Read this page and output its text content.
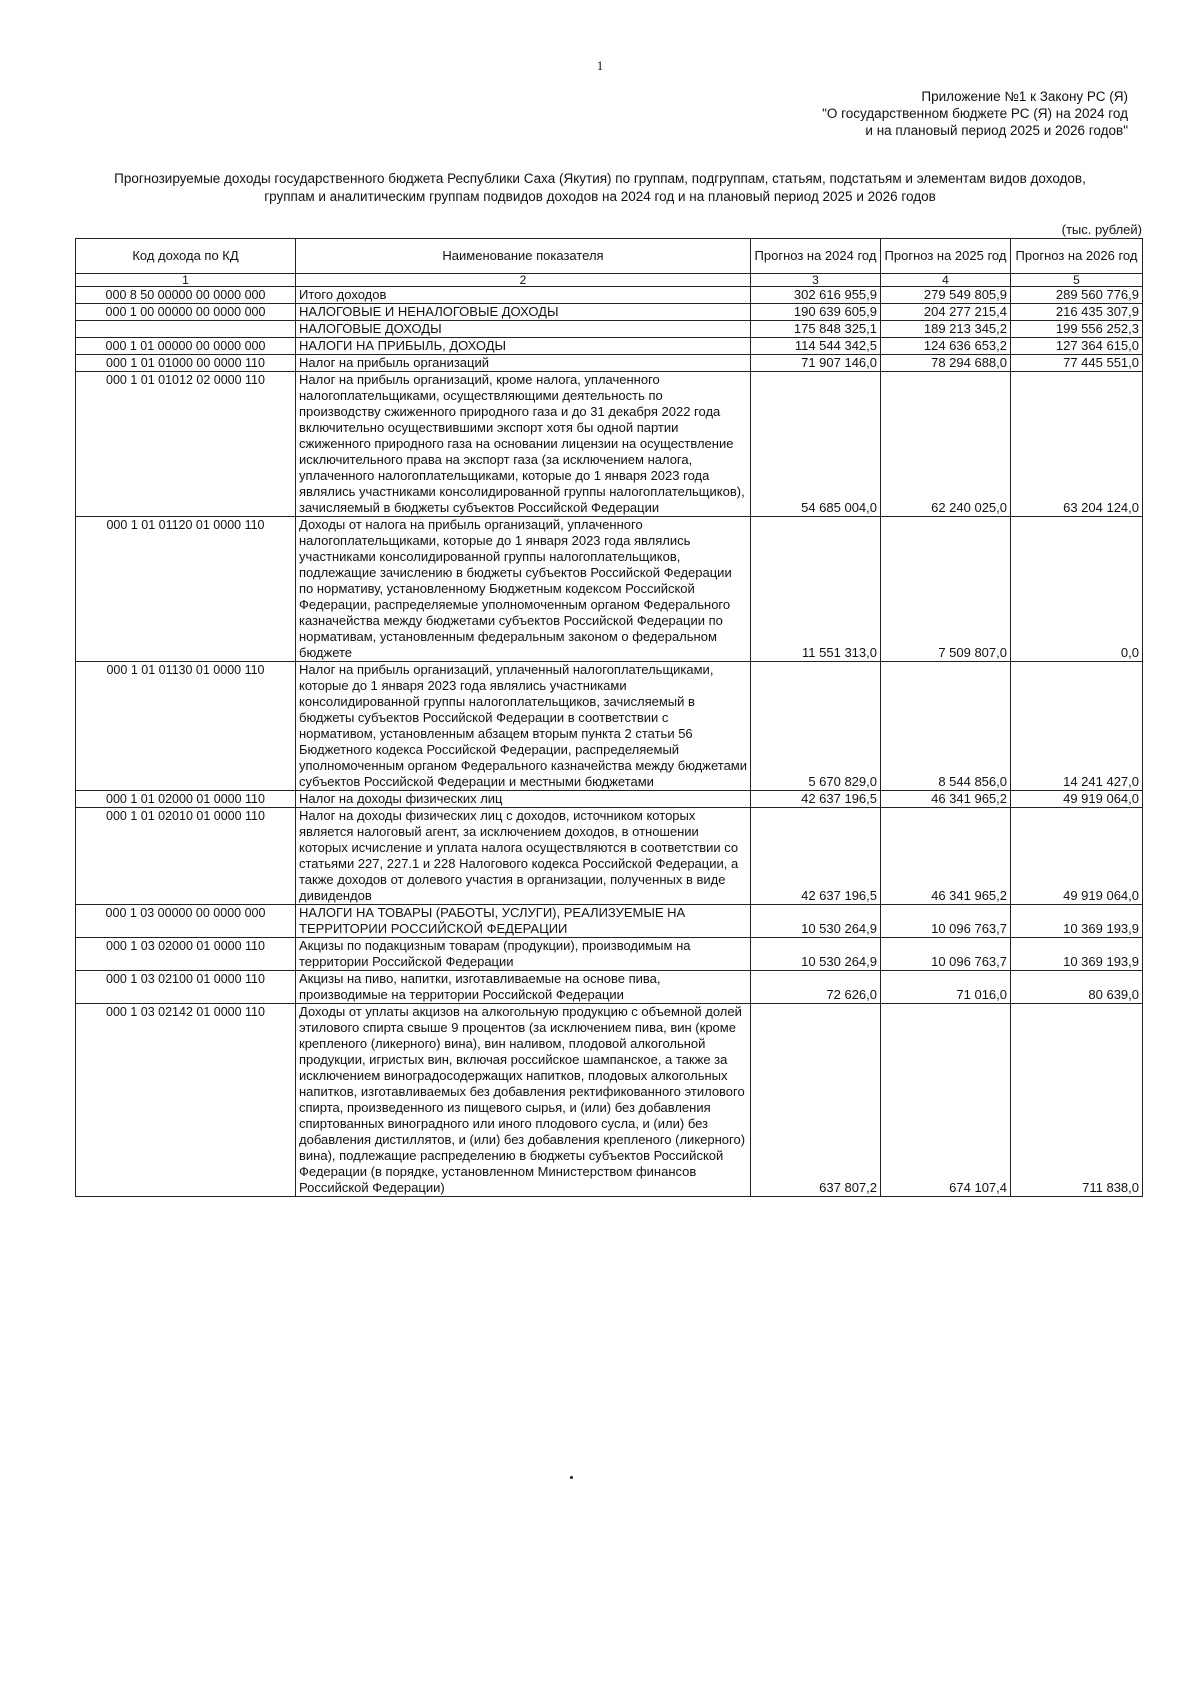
1
Приложение №1 к Закону РС (Я)
"О государственном бюджете РС (Я) на 2024 год
и на плановый период 2025 и 2026 годов"
Прогнозируемые доходы государственного бюджета Республики Саха (Якутия) по группам, подгруппам, статьям, подстатьям и элементам видов доходов,
группам и аналитическим группам подвидов доходов на 2024 год и на плановый период 2025 и 2026 годов
(тыс. рублей)
Код дохода по КД	Наименование показателя	Прогноз на 2024 год	Прогноз на 2025 год	Прогноз на 2026 год
1	2	3	4	5
000 8 50 00000 00 0000 000	Итого доходов	302 616 955,9	279 549 805,9	289 560 776,9
000 1 00 00000 00 0000 000	НАЛОГОВЫЕ И НЕНАЛОГОВЫЕ ДОХОДЫ	190 639 605,9	204 277 215,4	216 435 307,9
	НАЛОГОВЫЕ ДОХОДЫ	175 848 325,1	189 213 345,2	199 556 252,3
000 1 01 00000 00 0000 000	НАЛОГИ НА ПРИБЫЛЬ, ДОХОДЫ	114 544 342,5	124 636 653,2	127 364 615,0
000 1 01 01000 00 0000 110	Налог на прибыль организаций	71 907 146,0	78 294 688,0	77 445 551,0
000 1 01 01012 02 0000 110	Налог на прибыль организаций, кроме налога, уплаченного налогоплательщиками, осуществляющими деятельность по производству сжиженного природного газа и до 31 декабря 2022 года включительно осуществившими экспорт хотя бы одной партии сжиженного природного газа на основании лицензии на осуществление исключительного права на экспорт газа (за исключением налога, уплаченного налогоплательщиками, которые до 1 января 2023 года являлись участниками консолидированной группы налогоплательщиков), зачисляемый в бюджеты субъектов Российской Федерации	54 685 004,0	62 240 025,0	63 204 124,0
000 1 01 01120 01 0000 110	Доходы от налога на прибыль организаций, уплаченного налогоплательщиками, которые до 1 января 2023 года являлись участниками консолидированной группы налогоплательщиков, подлежащие зачислению в бюджеты субъектов Российской Федерации по нормативу, установленному Бюджетным кодексом Российской Федерации, распределяемые уполномоченным органом Федерального казначейства между бюджетами субъектов Российской Федерации по нормативам, установленным федеральным законом о федеральном бюджете	11 551 313,0	7 509 807,0	0,0
000 1 01 01130 01 0000 110	Налог на прибыль организаций, уплаченный налогоплательщиками, которые до 1 января 2023 года являлись участниками консолидированной группы налогоплательщиков, зачисляемый в бюджеты субъектов Российской Федерации в соответствии с нормативом, установленным абзацем вторым пункта 2 статьи 56 Бюджетного кодекса Российской Федерации, распределяемый уполномоченным органом Федерального казначейства между бюджетами субъектов Российской Федерации и местными бюджетами	5 670 829,0	8 544 856,0	14 241 427,0
000 1 01 02000 01 0000 110	Налог на доходы физических лиц	42 637 196,5	46 341 965,2	49 919 064,0
000 1 01 02010 01 0000 110	Налог на доходы физических лиц с доходов, источником которых является налоговый агент, за исключением доходов, в отношении которых исчисление и уплата налога осуществляются в соответствии со статьями 227, 227.1 и 228 Налогового кодекса Российской Федерации, а также доходов от долевого участия в организации, полученных в виде дивидендов	42 637 196,5	46 341 965,2	49 919 064,0
000 1 03 00000 00 0000 000	НАЛОГИ НА ТОВАРЫ (РАБОТЫ, УСЛУГИ), РЕАЛИЗУЕМЫЕ НА ТЕРРИТОРИИ РОССИЙСКОЙ ФЕДЕРАЦИИ	10 530 264,9	10 096 763,7	10 369 193,9
000 1 03 02000 01 0000 110	Акцизы по подакцизным товарам (продукции), производимым на территории Российской Федерации	10 530 264,9	10 096 763,7	10 369 193,9
000 1 03 02100 01 0000 110	Акцизы на пиво, напитки, изготавливаемые на основе пива, производимые на территории Российской Федерации	72 626,0	71 016,0	80 639,0
000 1 03 02142 01 0000 110	Доходы от уплаты акцизов на алкогольную продукцию с объемной долей этилового спирта свыше 9 процентов (за исключением пива, вин (кроме крепленого (ликерного) вина), вин наливом, плодовой алкогольной продукции, игристых вин, включая российское шампанское, а также за исключением виноградосодержащих напитков, плодовых алкогольных напитков, изготавливаемых без добавления ректификованного этилового спирта, произведенного из пищевого сырья, и (или) без добавления спиртованных виноградного или иного плодового сусла, и (или) без добавления дистиллятов, и (или) без добавления крепленого (ликерного) вина), подлежащие распределению в бюджеты субъектов Российской Федерации (в порядке, установленном Министерством финансов Российской Федерации)	637 807,2	674 107,4	711 838,0
